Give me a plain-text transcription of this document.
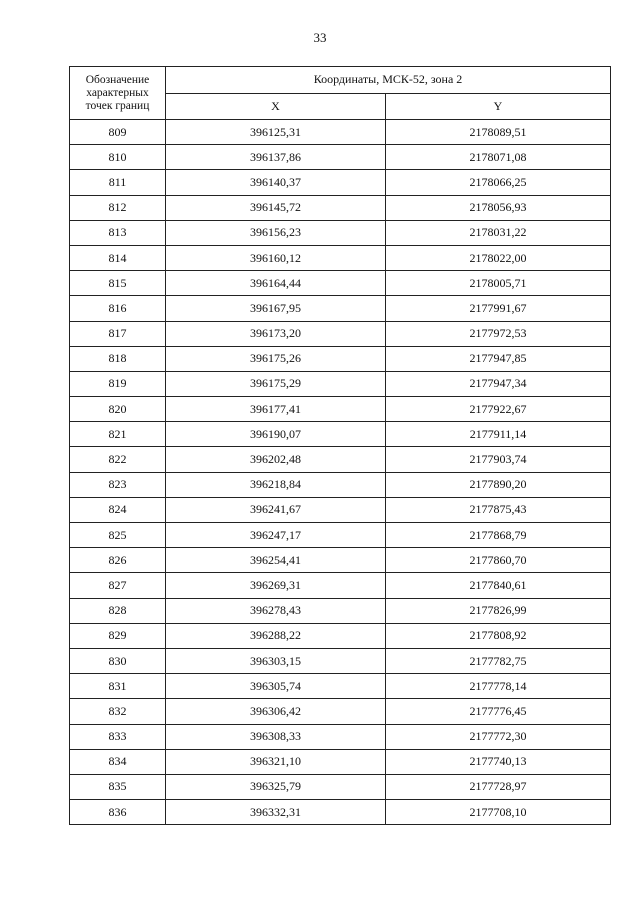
33
Обозначение
характерных
точек границ	Координаты, МСК-52, зона 2	
	X	Y
809	396125,31	2178089,51
810	396137,86	2178071,08
811	396140,37	2178066,25
812	396145,72	2178056,93
813	396156,23	2178031,22
814	396160,12	2178022,00
815	396164,44	2178005,71
816	396167,95	2177991,67
817	396173,20	2177972,53
818	396175,26	2177947,85
819	396175,29	2177947,34
820	396177,41	2177922,67
821	396190,07	2177911,14
822	396202,48	2177903,74
823	396218,84	2177890,20
824	396241,67	2177875,43
825	396247,17	2177868,79
826	396254,41	2177860,70
827	396269,31	2177840,61
828	396278,43	2177826,99
829	396288,22	2177808,92
830	396303,15	2177782,75
831	396305,74	2177778,14
832	396306,42	2177776,45
833	396308,33	2177772,30
834	396321,10	2177740,13
835	396325,79	2177728,97
836	396332,31	2177708,10
